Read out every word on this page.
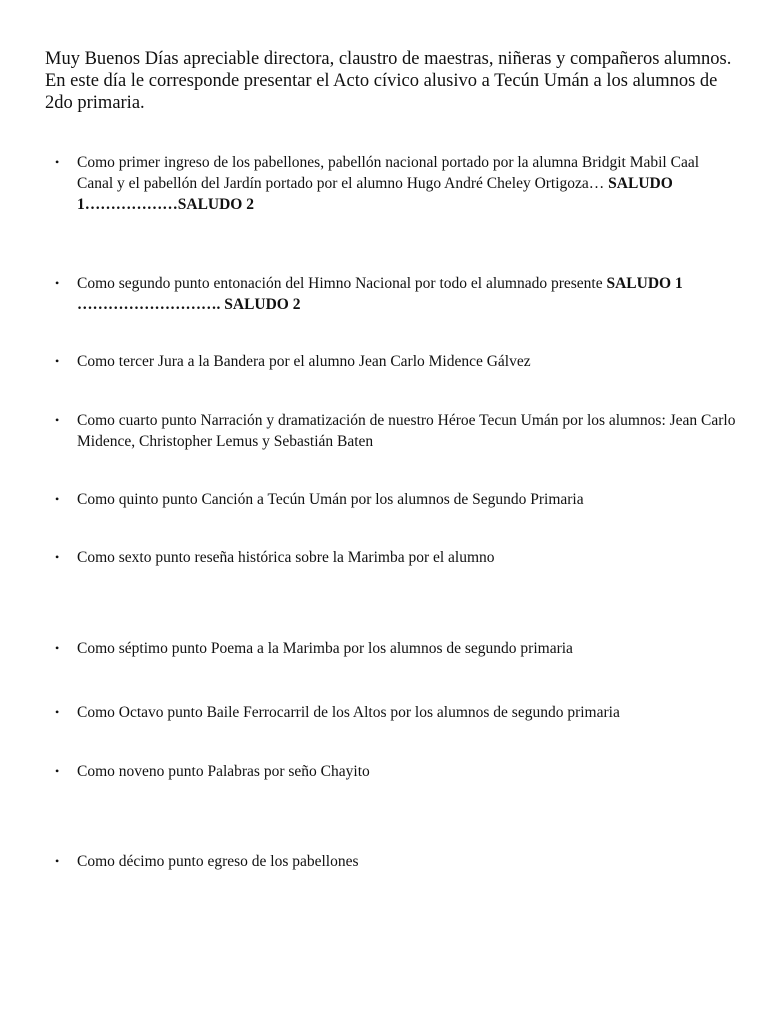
Muy Buenos Días apreciable directora, claustro de maestras, niñeras y compañeros alumnos. En este día le corresponde presentar el Acto cívico alusivo a Tecún Umán a los alumnos de 2do primaria.

• Como primer ingreso de los pabellones, pabellón nacional portado por la alumna Bridgit Mabil Caal Canal y el pabellón del Jardín portado por el alumno Hugo André Cheley Ortigoza… SALUDO 1………………SALUDO 2
• Como segundo punto entonación del Himno Nacional por todo el alumnado presente SALUDO 1 ………………………. SALUDO 2
• Como tercer Jura a la Bandera por el alumno Jean Carlo Midence Gálvez
• Como cuarto punto Narración y dramatización de nuestro Héroe Tecun Umán por los alumnos: Jean Carlo Midence, Christopher Lemus y Sebastián Baten
• Como quinto punto Canción a Tecún Umán por los alumnos de Segundo Primaria
• Como sexto punto reseña histórica sobre la Marimba por el alumno
• Como séptimo punto Poema a la Marimba por los alumnos de segundo primaria
• Como Octavo punto Baile Ferrocarril de los Altos por los alumnos de segundo primaria
• Como noveno punto Palabras por seño Chayito
• Como décimo punto egreso de los pabellones
